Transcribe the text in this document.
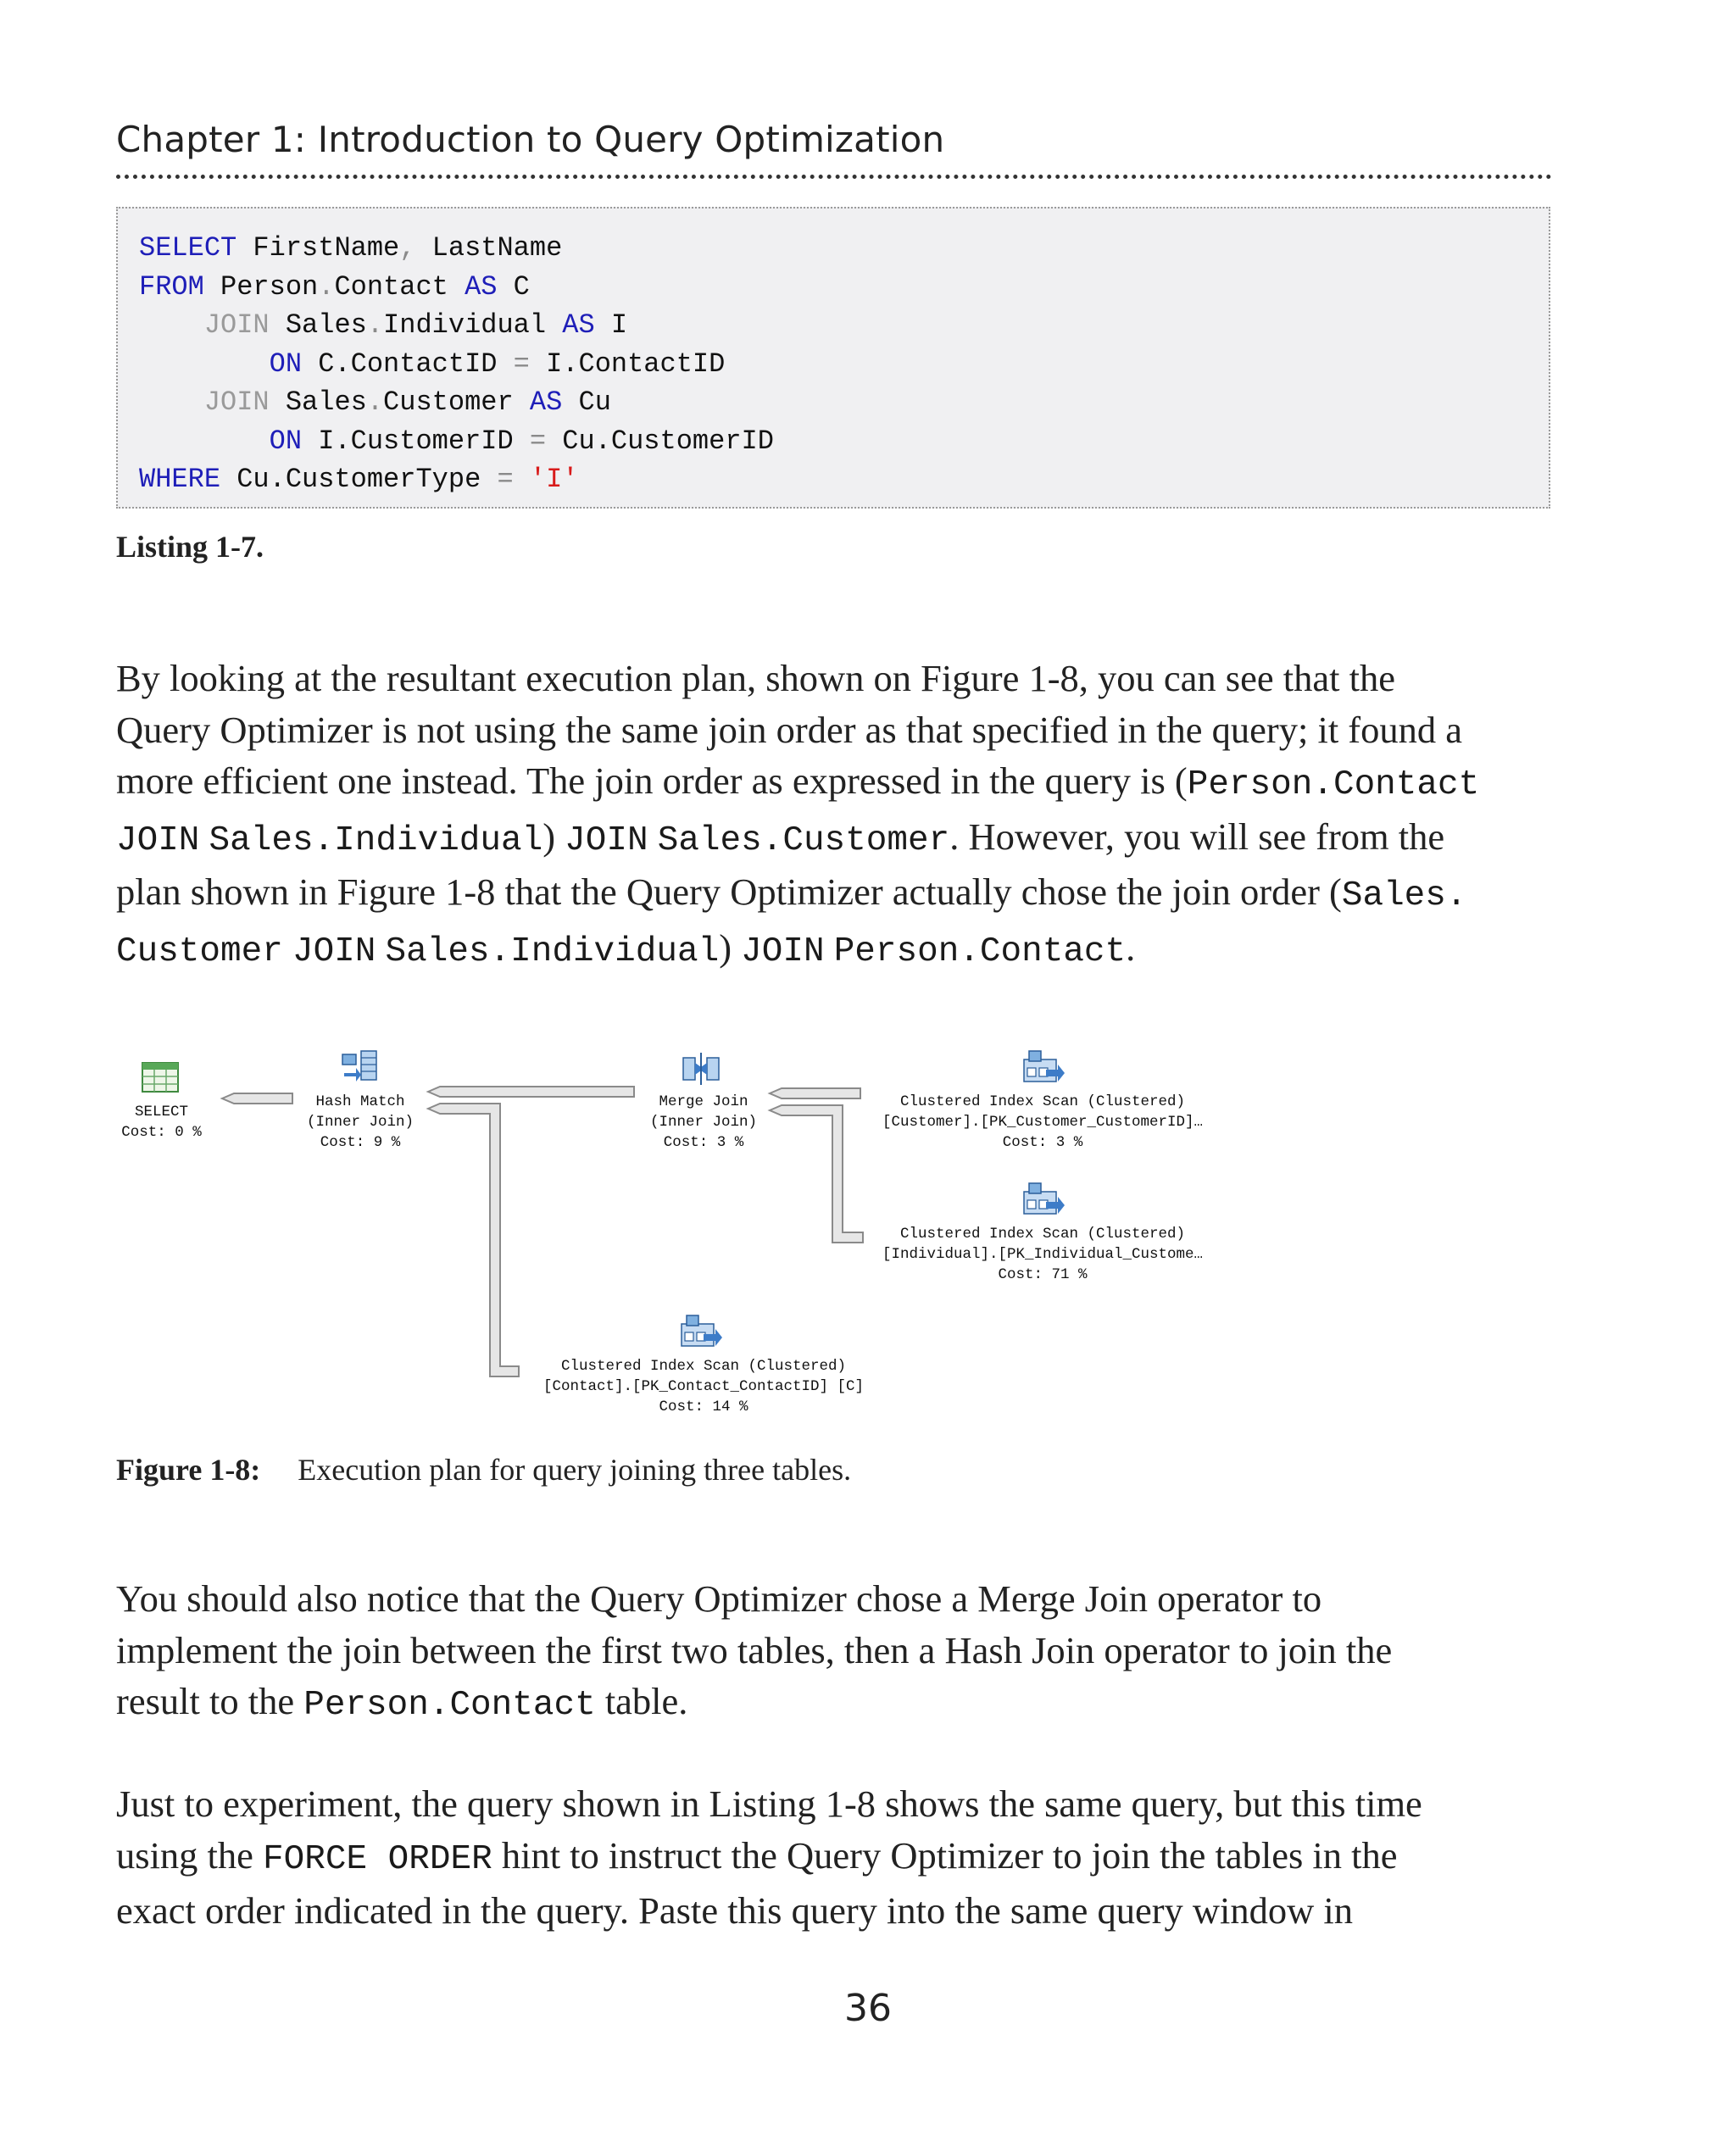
Chapter 1: Introduction to Query Optimization
SELECT FirstName, LastName
FROM Person.Contact AS C
JOIN Sales.Individual AS I
ON C.ContactID = I.ContactID
JOIN Sales.Customer AS Cu
ON I.CustomerID = Cu.CustomerID
WHERE Cu.CustomerType = 'I'
Listing 1-7.
By looking at the resultant execution plan, shown on Figure 1-8, you can see that the
Query Optimizer is not using the same join order as that specified in the query; it found a
more efficient one instead. The join order as expressed in the query is (Person.Contact
JOIN Sales.Individual) JOIN Sales.Customer. However, you will see from the
plan shown in Figure 1-8 that the Query Optimizer actually chose the join order (Sales.
Customer JOIN Sales.Individual) JOIN Person.Contact.
SELECT
Cost: 0 %
Hash Match
(Inner Join)
Cost: 9 %
Merge Join
(Inner Join)
Cost: 3 %
Clustered Index Scan (Clustered)
[Customer].[PK_Customer_CustomerID]…
Cost: 3 %
Clustered Index Scan (Clustered)
[Individual].[PK_Individual_Custome…
Cost: 71 %
Clustered Index Scan (Clustered)
[Contact].[PK_Contact_ContactID] [C]
Cost: 14 %
Figure 1-8: Execution plan for query joining three tables.
You should also notice that the Query Optimizer chose a Merge Join operator to
implement the join between the first two tables, then a Hash Join operator to join the
result to the Person.Contact table.
Just to experiment, the query shown in Listing 1-8 shows the same query, but this time
using the FORCE ORDER hint to instruct the Query Optimizer to join the tables in the
exact order indicated in the query. Paste this query into the same query window in
36
